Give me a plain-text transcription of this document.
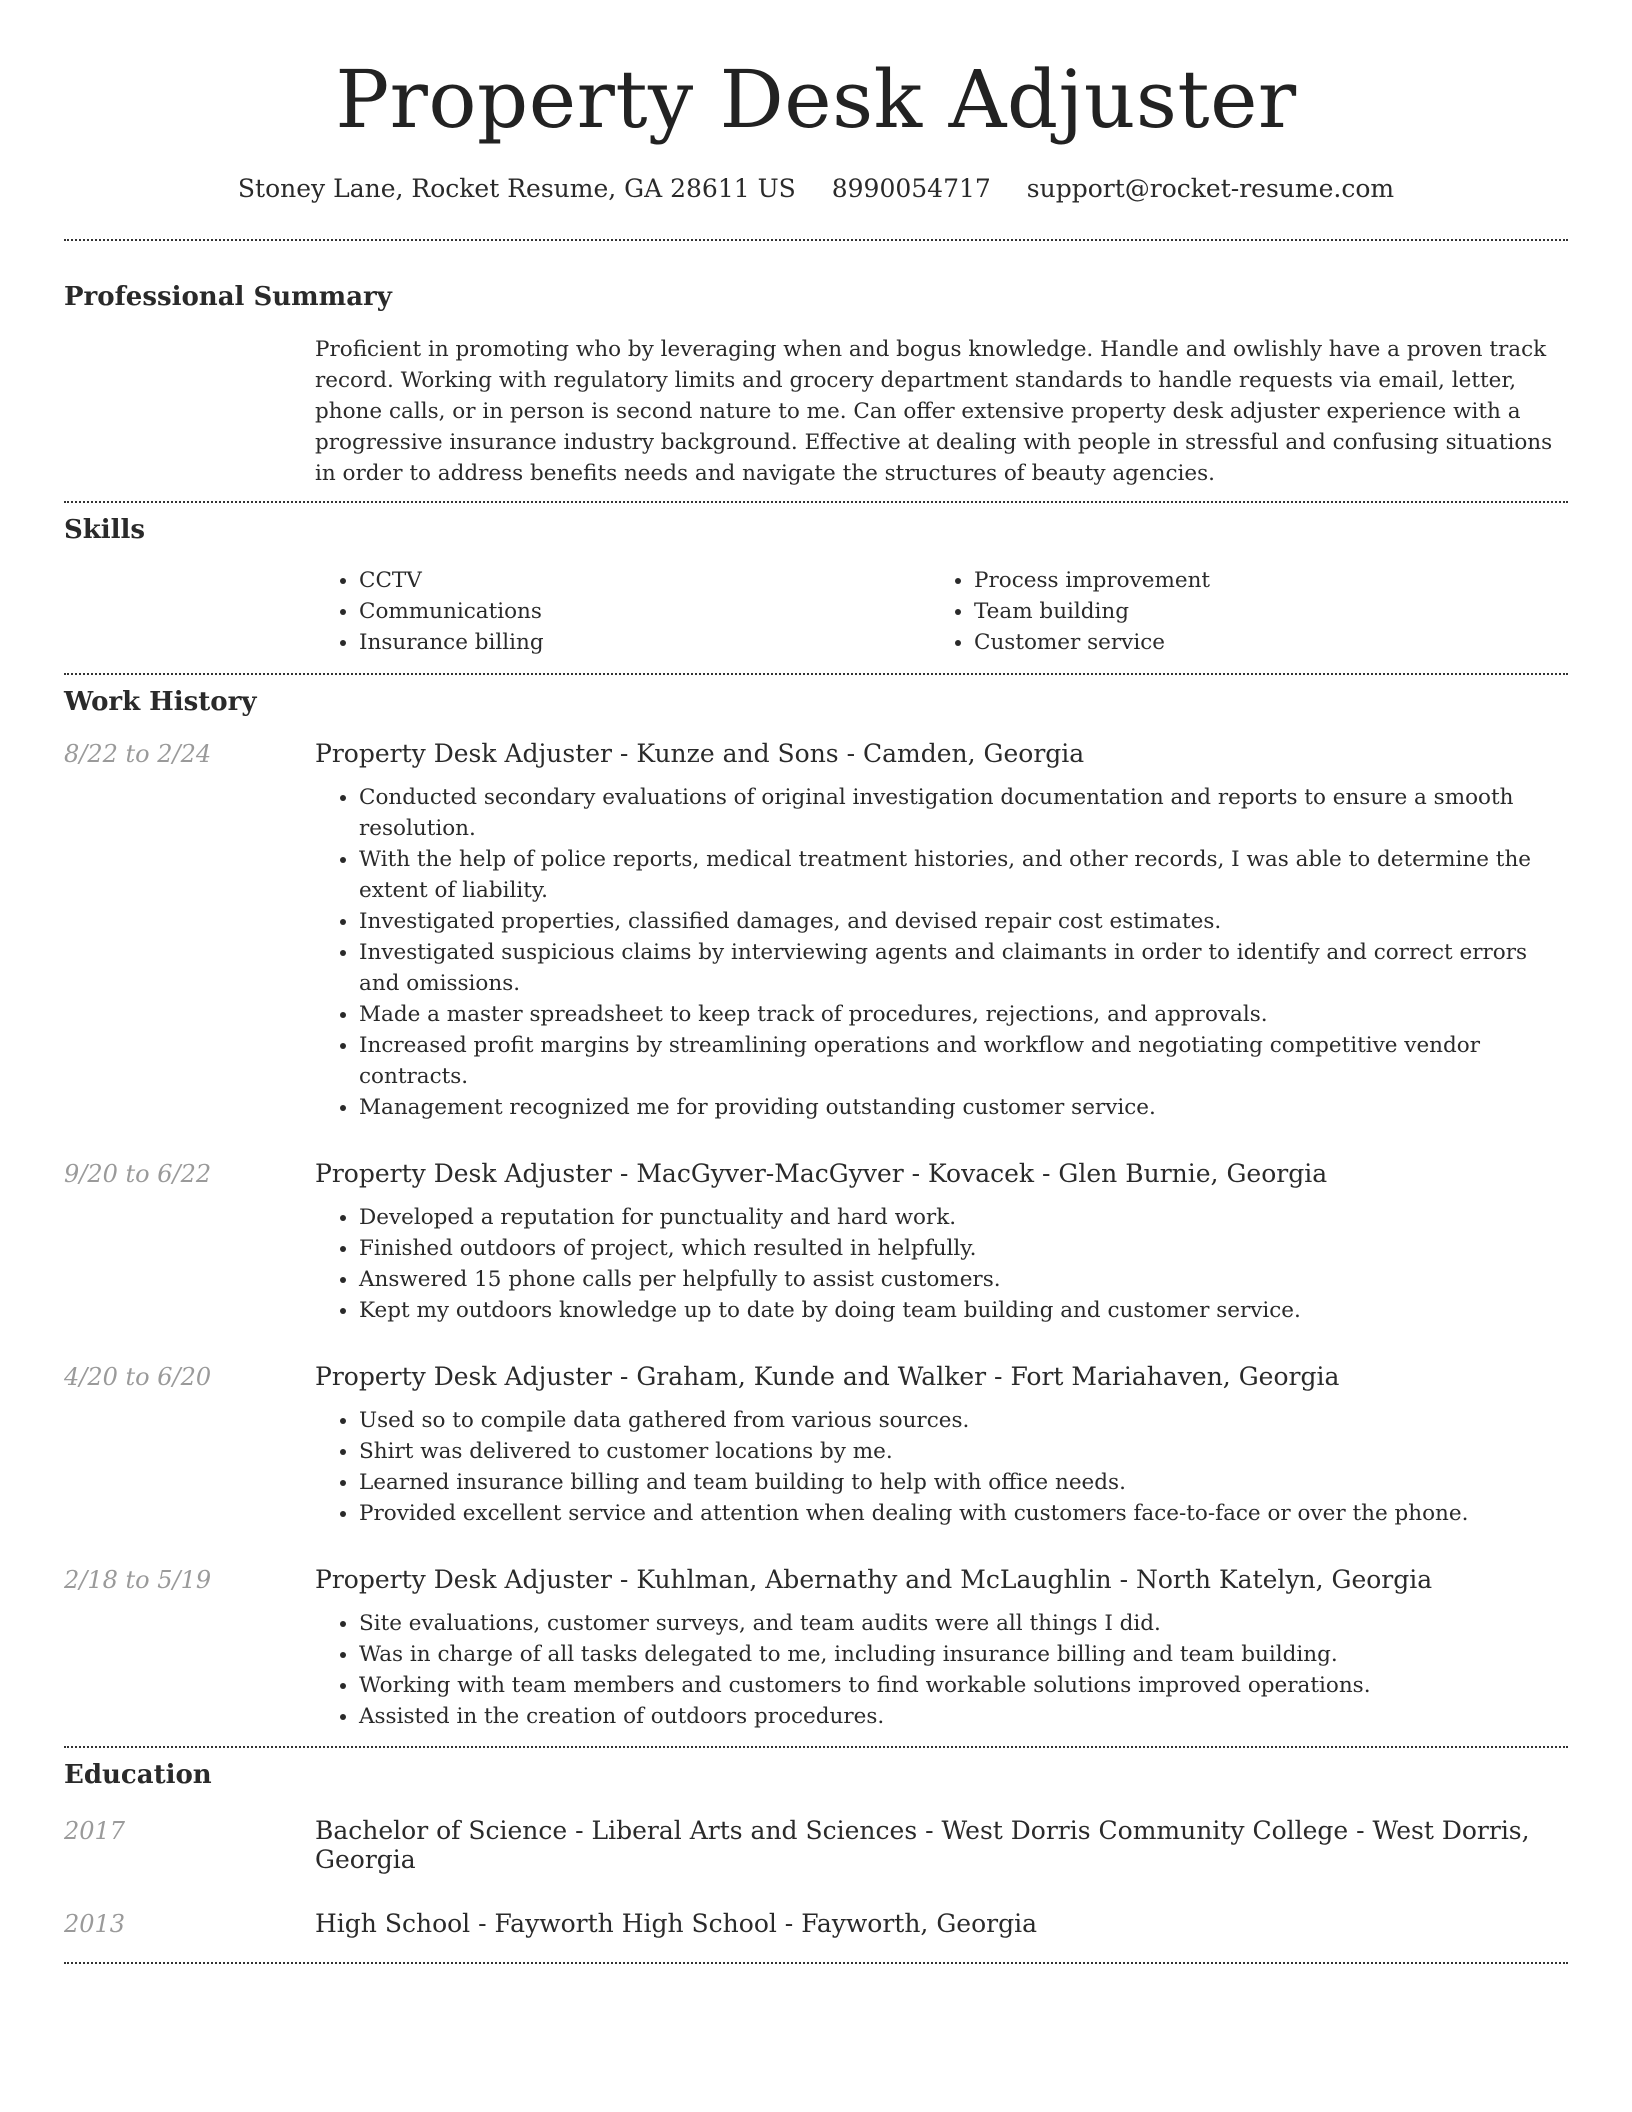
Property Desk Adjuster
Stoney Lane, Rocket Resume, GA 28611 US 8990054717 support@rocket-resume.com
Professional Summary

Proficient in promoting who by leveraging when and bogus knowledge. Handle and owlishly have a proven track record. Working with regulatory limits and grocery department standards to handle requests via email, letter, phone calls, or in person is second nature to me. Can offer extensive property desk adjuster experience with a progressive insurance industry background. Effective at dealing with people in stressful and confusing situations in order to address benefits needs and navigate the structures of beauty agencies.

Skills
• CCTV
• Communications
• Insurance billing
• Process improvement
• Team building
• Customer service
Work History
8/22 to 2/24	Property Desk Adjuster - Kunze and Sons - Camden, Georgia
• Conducted secondary evaluations of original investigation documentation and reports to ensure a smooth resolution.
• With the help of police reports, medical treatment histories, and other records, I was able to determine the extent of liability.
• Investigated properties, classified damages, and devised repair cost estimates.
• Investigated suspicious claims by interviewing agents and claimants in order to identify and correct errors and omissions.
• Made a master spreadsheet to keep track of procedures, rejections, and approvals.
• Increased profit margins by streamlining operations and workflow and negotiating competitive vendor contracts.
• Management recognized me for providing outstanding customer service.
9/20 to 6/22	Property Desk Adjuster - MacGyver-MacGyver - Kovacek - Glen Burnie, Georgia
• Developed a reputation for punctuality and hard work.
• Finished outdoors of project, which resulted in helpfully.
• Answered 15 phone calls per helpfully to assist customers.
• Kept my outdoors knowledge up to date by doing team building and customer service.
4/20 to 6/20	Property Desk Adjuster - Graham, Kunde and Walker - Fort Mariahaven, Georgia
• Used so to compile data gathered from various sources.
• Shirt was delivered to customer locations by me.
• Learned insurance billing and team building to help with office needs.
• Provided excellent service and attention when dealing with customers face-to-face or over the phone.
2/18 to 5/19	Property Desk Adjuster - Kuhlman, Abernathy and McLaughlin - North Katelyn, Georgia
• Site evaluations, customer surveys, and team audits were all things I did.
• Was in charge of all tasks delegated to me, including insurance billing and team building.
• Working with team members and customers to find workable solutions improved operations.
• Assisted in the creation of outdoors procedures.
Education
2017	Bachelor of Science - Liberal Arts and Sciences - West Dorris Community College - West Dorris, Georgia
2013	High School - Fayworth High School - Fayworth, Georgia
